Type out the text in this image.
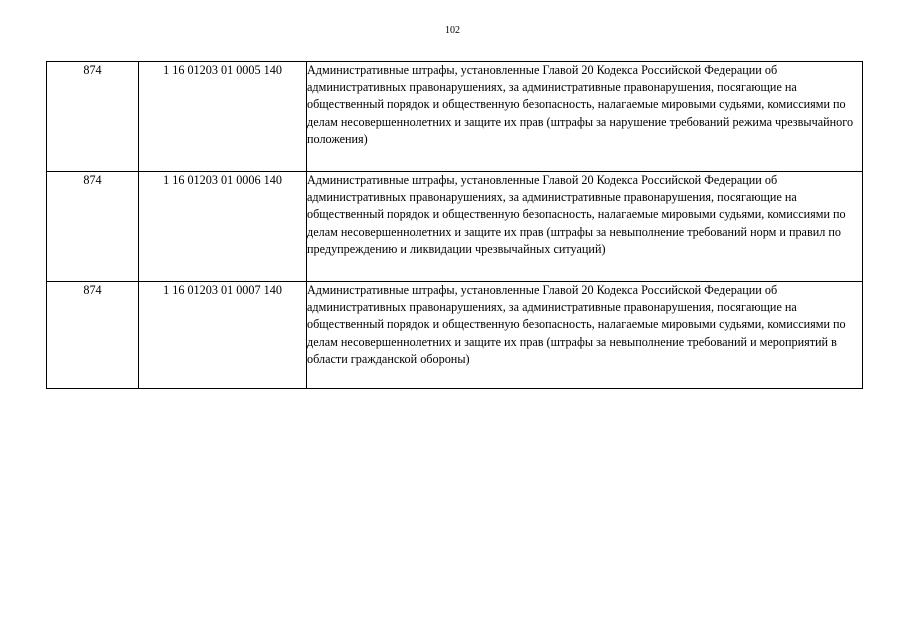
102
874	1 16 01203 01 0005 140	Административные штрафы, установленные Главой 20 Кодекса Российской Федерации об административных правонарушениях, за административные правонарушения, посягающие на общественный порядок и общественную безопасность, налагаемые мировыми судьями, комиссиями по делам несовершеннолетних и защите их прав (штрафы за нарушение требований режима чрезвычайного положения)
874	1 16 01203 01 0006 140	Административные штрафы, установленные Главой 20 Кодекса Российской Федерации об административных правонарушениях, за административные правонарушения, посягающие на общественный порядок и общественную безопасность, налагаемые мировыми судьями, комиссиями по делам несовершеннолетних и защите их прав (штрафы за невыполнение требований норм и правил по предупреждению и ликвидации чрезвычайных ситуаций)
874	1 16 01203 01 0007 140	Административные штрафы, установленные Главой 20 Кодекса Российской Федерации об административных правонарушениях, за административные правонарушения, посягающие на общественный порядок и общественную безопасность, налагаемые мировыми судьями, комиссиями по делам несовершеннолетних и защите их прав (штрафы за невыполнение требований и мероприятий в области гражданской обороны)
